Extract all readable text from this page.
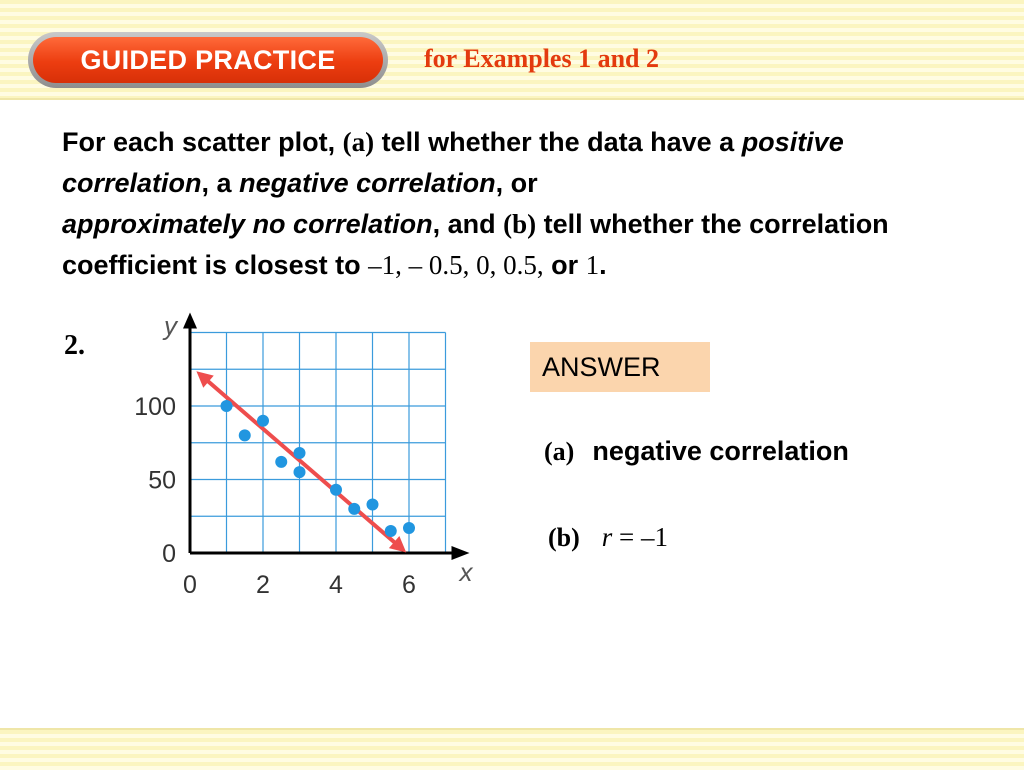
GUIDED PRACTICE	for Examples 1 and 2
For each scatter plot, (a) tell whether the data have a positive correlation, a negative correlation, or
approximately no correlation, and (b) tell whether the correlation coefficient is closest to –1, – 0.5, 0, 0.5, or 1.
2.
y
x
0 2 4 6
0
50
100
ANSWER
(a) negative correlation
(b) r = –1
